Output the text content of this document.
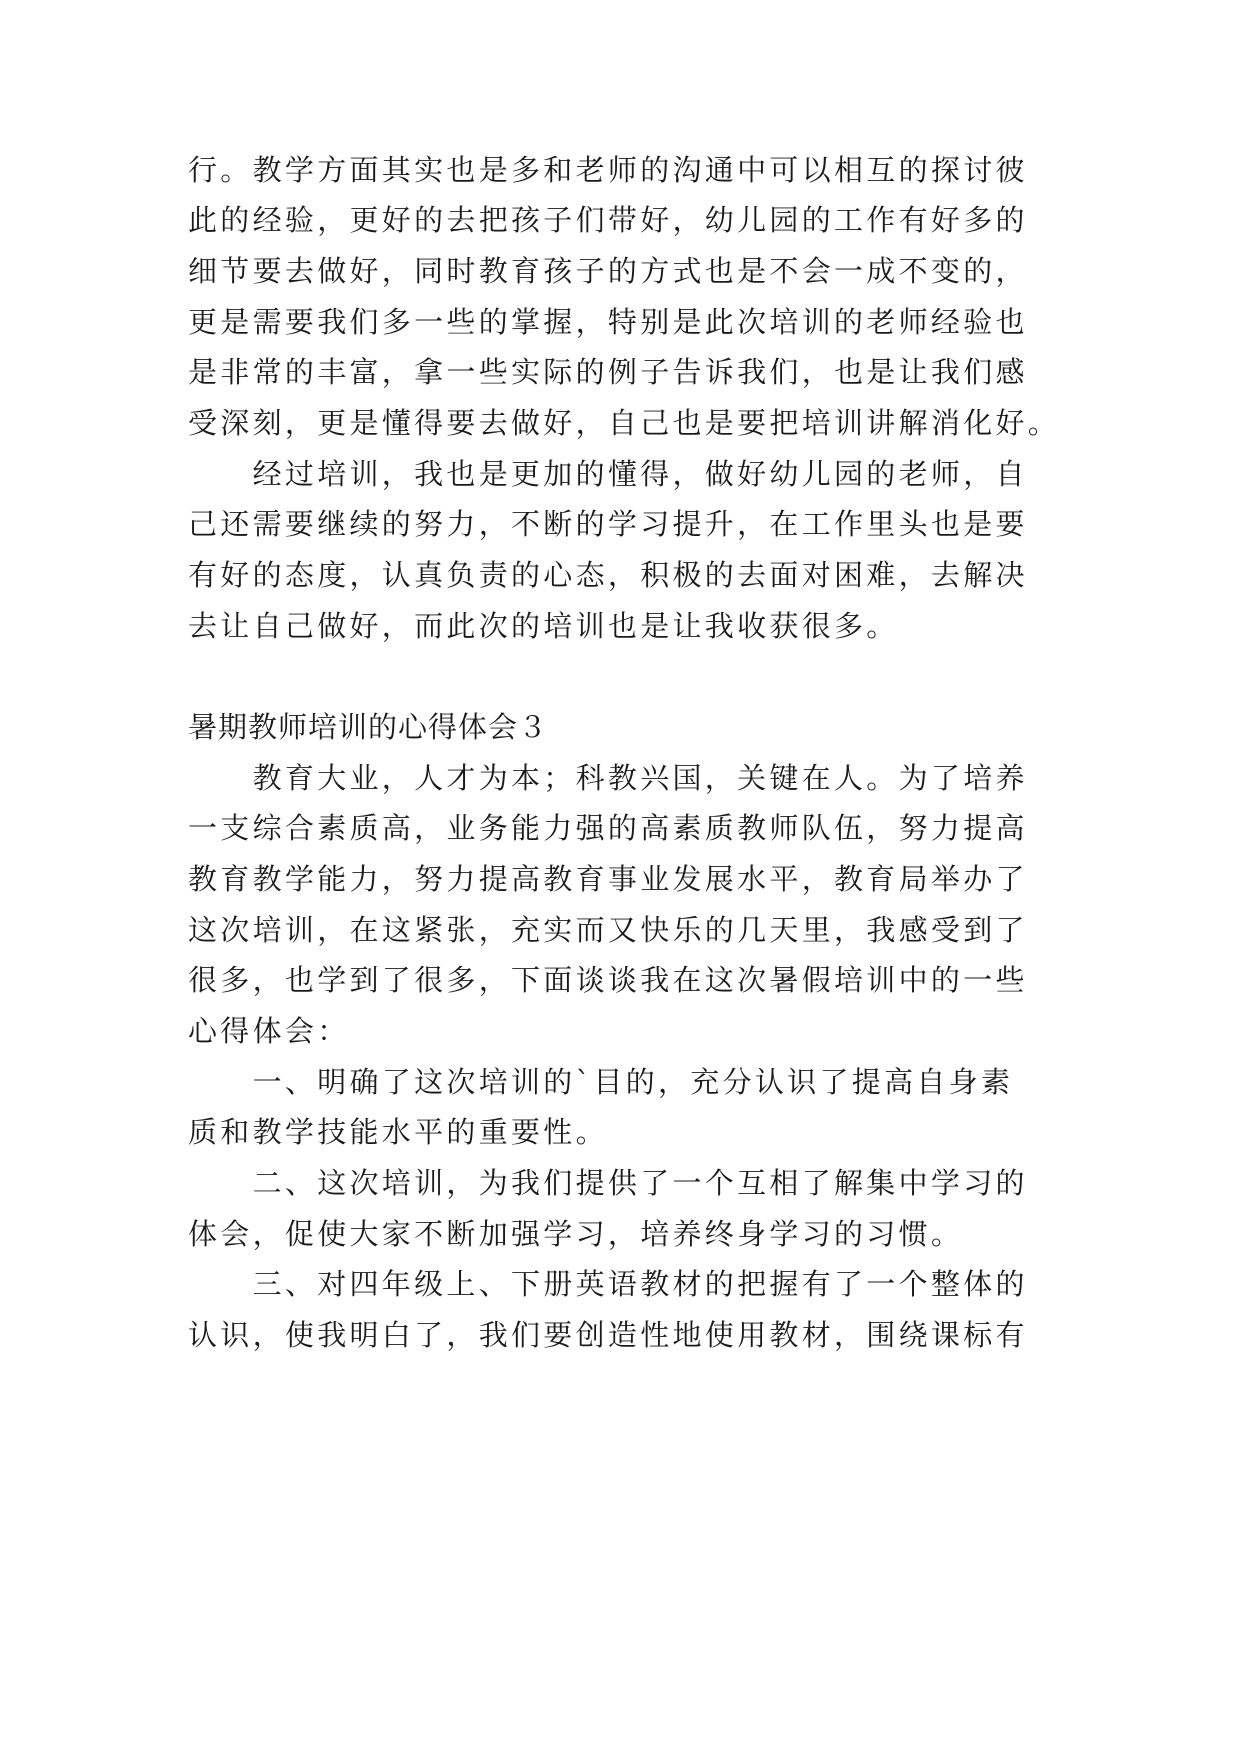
行。教学方面其实也是多和老师的沟通中可以相互的探讨彼
此的经验，更好的去把孩子们带好，幼儿园的工作有好多的
细节要去做好，同时教育孩子的方式也是不会一成不变的，
更是需要我们多一些的掌握，特别是此次培训的老师经验也
是非常的丰富，拿一些实际的例子告诉我们，也是让我们感
受深刻，更是懂得要去做好，自己也是要把培训讲解消化好。
　　经过培训，我也是更加的懂得，做好幼儿园的老师，自
己还需要继续的努力，不断的学习提升，在工作里头也是要
有好的态度，认真负责的心态，积极的去面对困难，去解决
去让自己做好，而此次的培训也是让我收获很多。
暑期教师培训的心得体会３
　　教育大业，人才为本；科教兴国，关键在人。为了培养
一支综合素质高，业务能力强的高素质教师队伍，努力提高
教育教学能力，努力提高教育事业发展水平，教育局举办了
这次培训，在这紧张，充实而又快乐的几天里，我感受到了
很多，也学到了很多，下面谈谈我在这次暑假培训中的一些
心得体会：
　　一、明确了这次培训的`目的，充分认识了提高自身素
质和教学技能水平的重要性。
　　二、这次培训，为我们提供了一个互相了解集中学习的
体会，促使大家不断加强学习，培养终身学习的习惯。
　　三、对四年级上、下册英语教材的把握有了一个整体的
认识，使我明白了，我们要创造性地使用教材，围绕课标有
